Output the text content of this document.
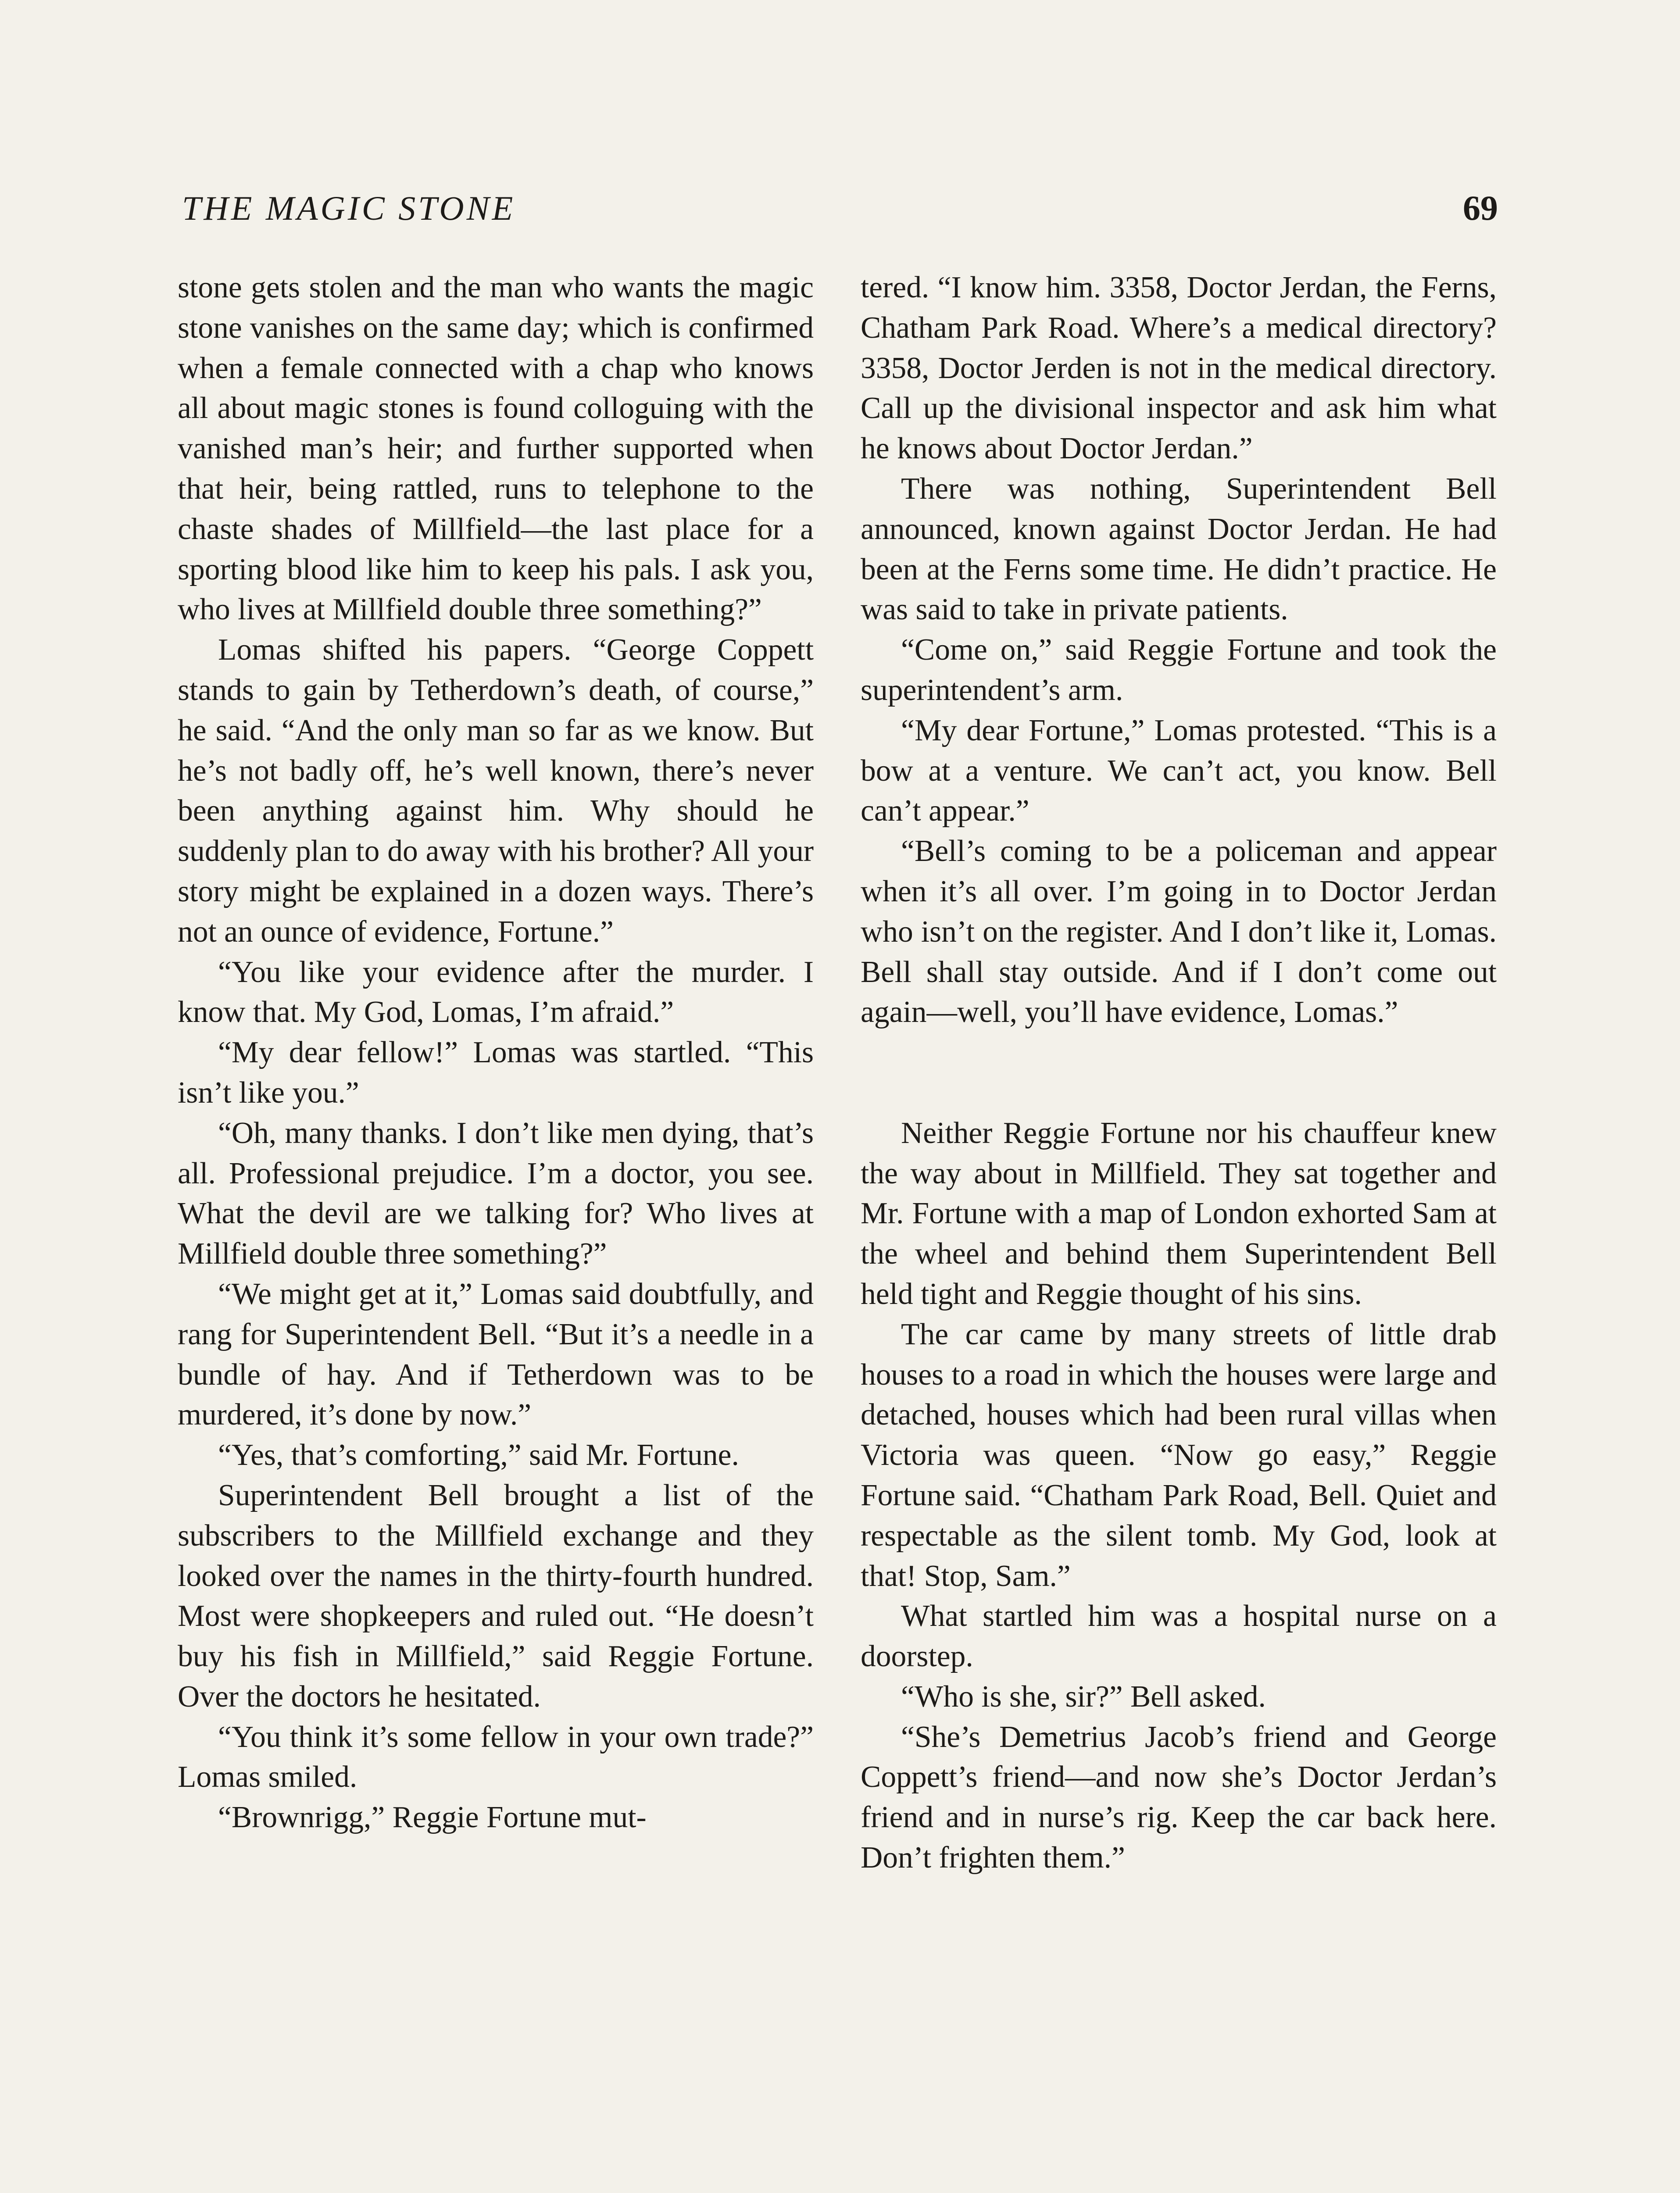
THE MAGIC STONE	69

stone gets stolen and the man who wants the magic stone vanishes on the same day; which is confirmed when a female connected with a chap who knows all about magic stones is found colloguing with the vanished man’s heir; and further supported when that heir, being rattled, runs to telephone to the chaste shades of Millfield—the last place for a sporting blood like him to keep his pals. I ask you, who lives at Millfield double three something?”

Lomas shifted his papers. “George Coppett stands to gain by Tetherdown’s death, of course,” he said. “And the only man so far as we know. But he’s not badly off, he’s well known, there’s never been anything against him. Why should he suddenly plan to do away with his brother? All your story might be explained in a dozen ways. There’s not an ounce of evidence, Fortune.”

“You like your evidence after the murder. I know that. My God, Lomas, I’m afraid.”

“My dear fellow!” Lomas was startled. “This isn’t like you.”

“Oh, many thanks. I don’t like men dying, that’s all. Professional prejudice. I’m a doctor, you see. What the devil are we talking for? Who lives at Millfield double three something?”

“We might get at it,” Lomas said doubtfully, and rang for Superintendent Bell. “But it’s a needle in a bundle of hay. And if Tetherdown was to be murdered, it’s done by now.”

“Yes, that’s comforting,” said Mr. Fortune.

Superintendent Bell brought a list of the subscribers to the Millfield exchange and they looked over the names in the thirty-fourth hundred. Most were shopkeepers and ruled out. “He doesn’t buy his fish in Millfield,” said Reggie Fortune. Over the doctors he hesitated.

“You think it’s some fellow in your own trade?” Lomas smiled.

“Brownrigg,” Reggie Fortune mut-

tered. “I know him. 3358, Doctor Jerdan, the Ferns, Chatham Park Road. Where’s a medical directory? 3358, Doctor Jerden is not in the medical directory. Call up the divisional inspector and ask him what he knows about Doctor Jerdan.”

There was nothing, Superintendent Bell announced, known against Doctor Jerdan. He had been at the Ferns some time. He didn’t practice. He was said to take in private patients.

“Come on,” said Reggie Fortune and took the superintendent’s arm.

“My dear Fortune,” Lomas protested. “This is a bow at a venture. We can’t act, you know. Bell can’t appear.”

“Bell’s coming to be a policeman and appear when it’s all over. I’m going in to Doctor Jerdan who isn’t on the register. And I don’t like it, Lomas. Bell shall stay outside. And if I don’t come out again—well, you’ll have evidence, Lomas.”

Neither Reggie Fortune nor his chauffeur knew the way about in Millfield. They sat together and Mr. Fortune with a map of London exhorted Sam at the wheel and behind them Superintendent Bell held tight and Reggie thought of his sins.

The car came by many streets of little drab houses to a road in which the houses were large and detached, houses which had been rural villas when Victoria was queen. “Now go easy,” Reggie Fortune said. “Chatham Park Road, Bell. Quiet and respectable as the silent tomb. My God, look at that! Stop, Sam.”

What startled him was a hospital nurse on a doorstep.

“Who is she, sir?” Bell asked.

“She’s Demetrius Jacob’s friend and George Coppett’s friend—and now she’s Doctor Jerdan’s friend and in nurse’s rig. Keep the car back here. Don’t frighten them.”
